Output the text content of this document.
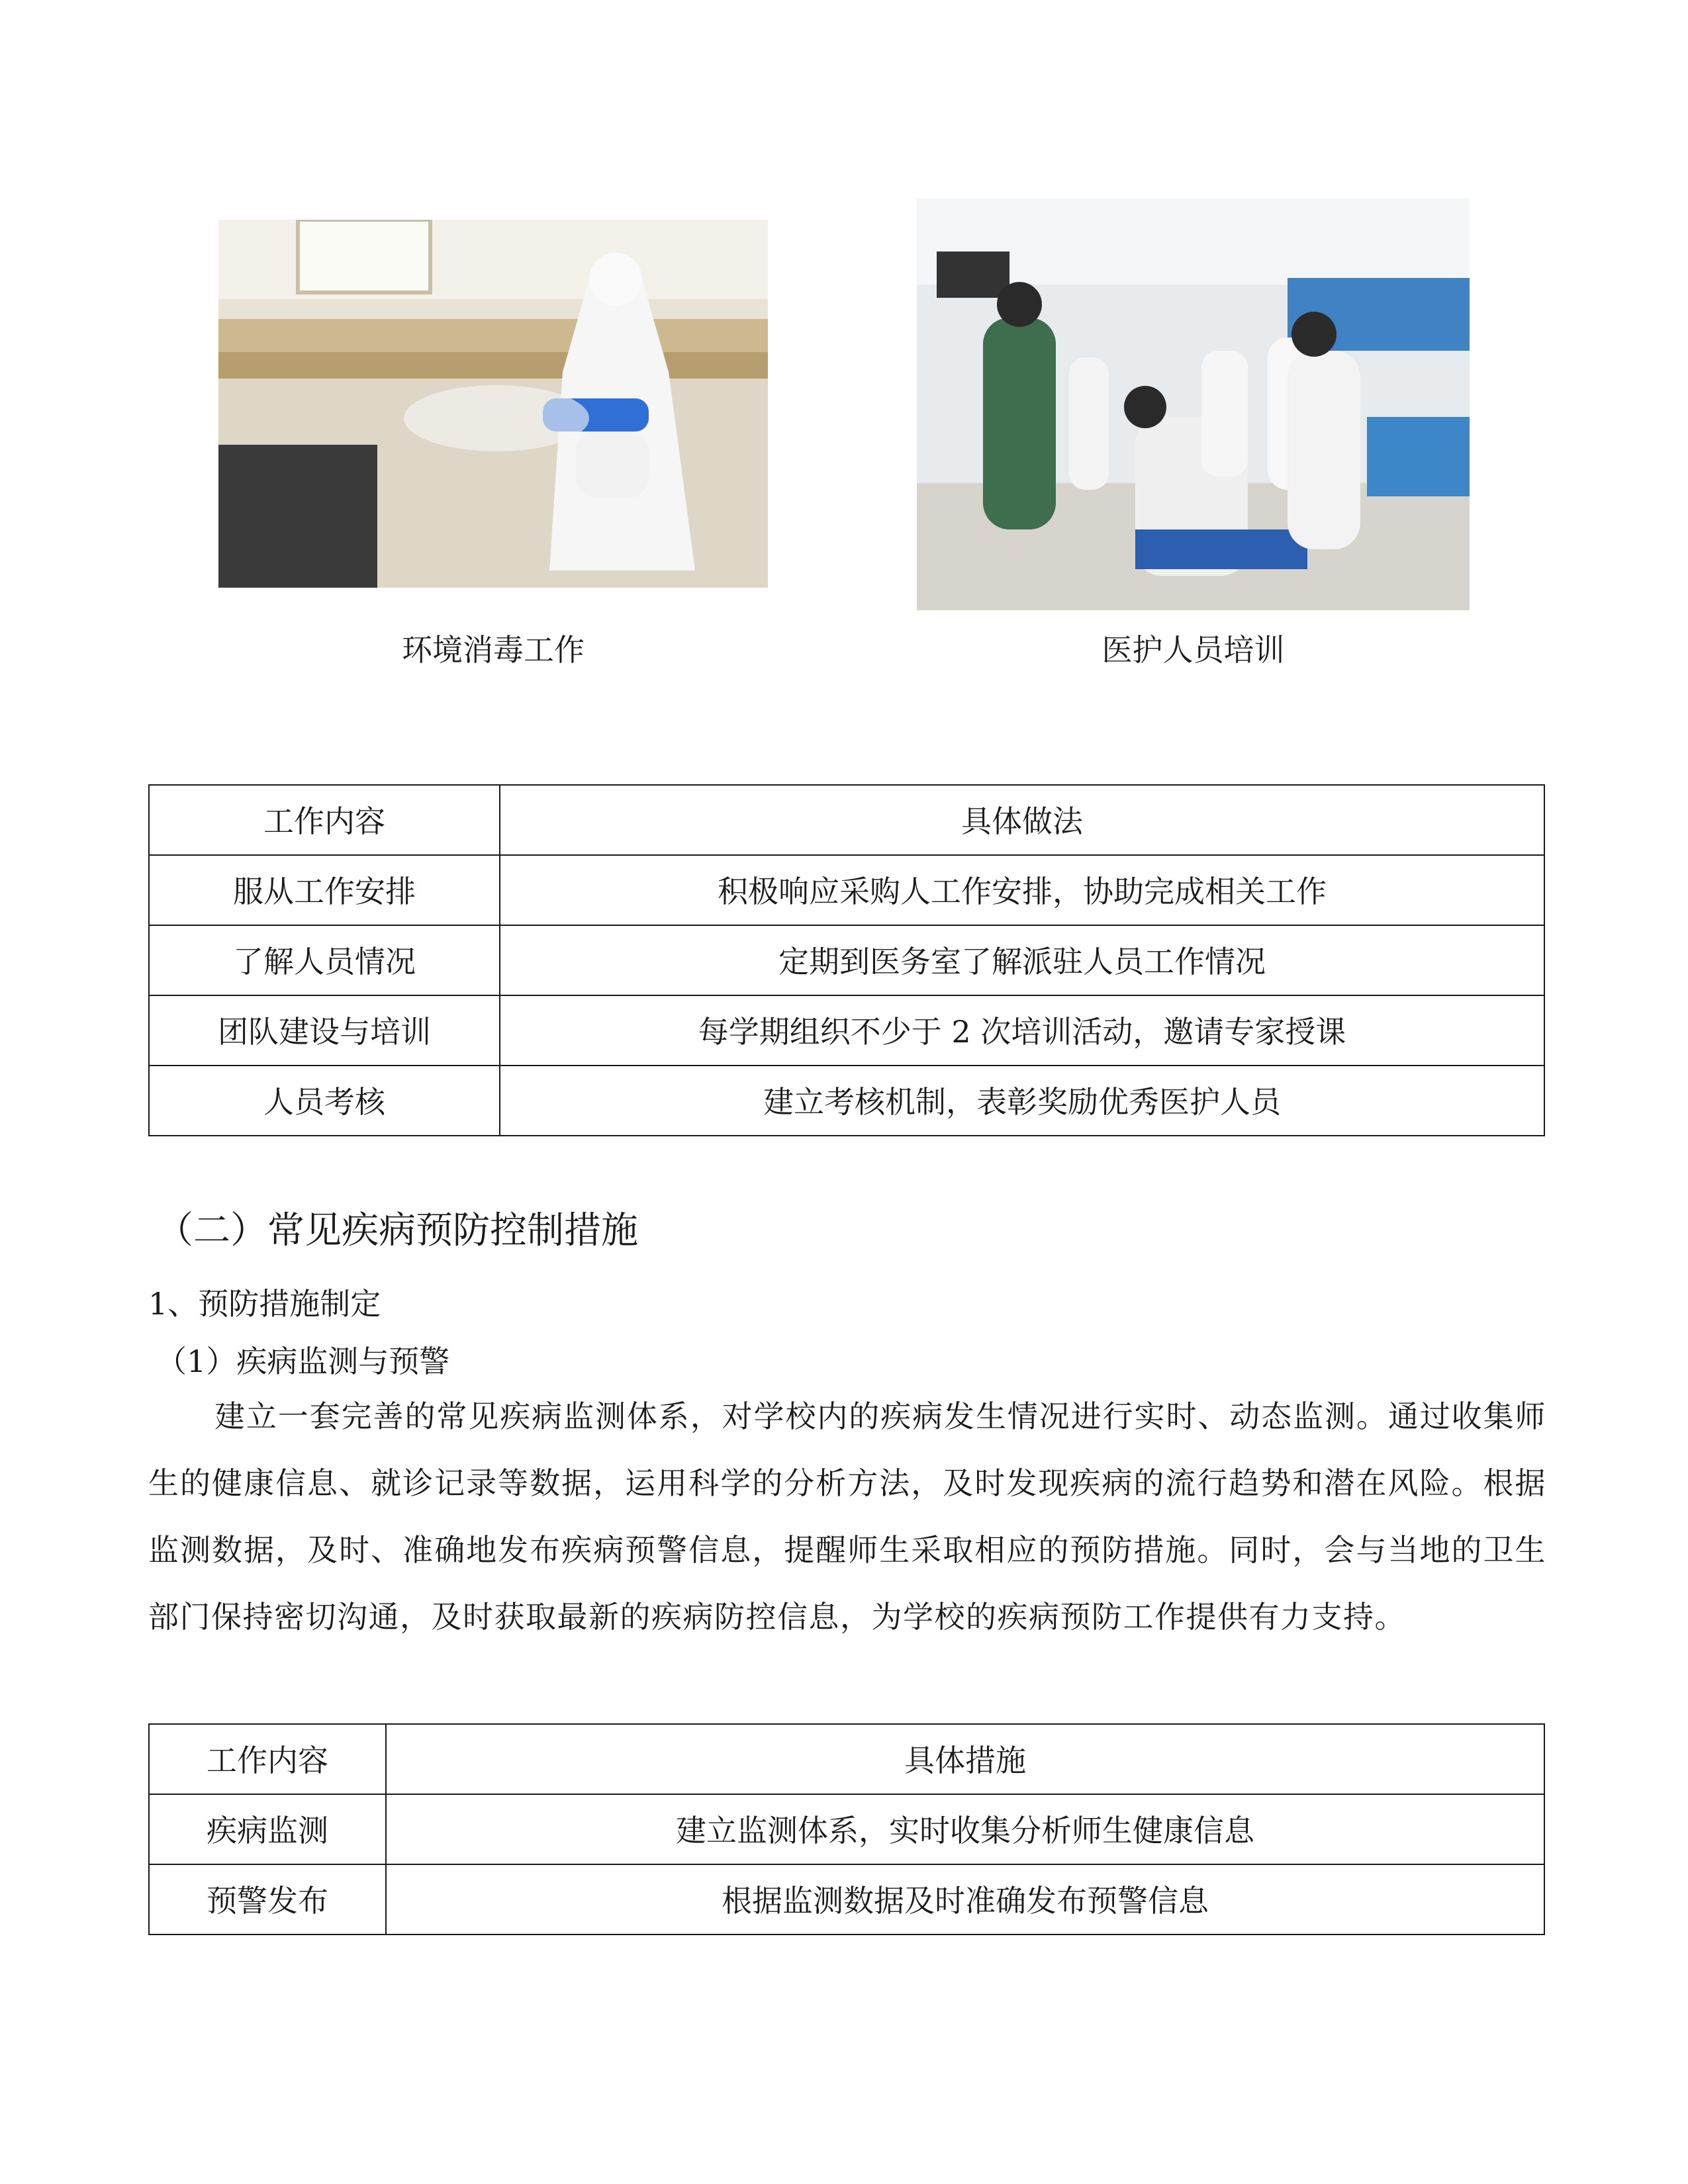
环境消毒工作	医护人员培训
工作内容	具体做法
服从工作安排	积极响应采购人工作安排，协助完成相关工作
了解人员情况	定期到医务室了解派驻人员工作情况
团队建设与培训	每学期组织不少于 2 次培训活动，邀请专家授课
人员考核	建立考核机制，表彰奖励优秀医护人员
（二）常见疾病预防控制措施
1、预防措施制定
（1）疾病监测与预警
建立一套完善的常见疾病监测体系，对学校内的疾病发生情况进行实时、动态监测。通过收集师生的健康信息、就诊记录等数据，运用科学的分析方法，及时发现疾病的流行趋势和潜在风险。根据监测数据，及时、准确地发布疾病预警信息，提醒师生采取相应的预防措施。同时，会与当地的卫生部门保持密切沟通，及时获取最新的疾病防控信息，为学校的疾病预防工作提供有力支持。
工作内容	具体措施
疾病监测	建立监测体系，实时收集分析师生健康信息
预警发布	根据监测数据及时准确发布预警信息
